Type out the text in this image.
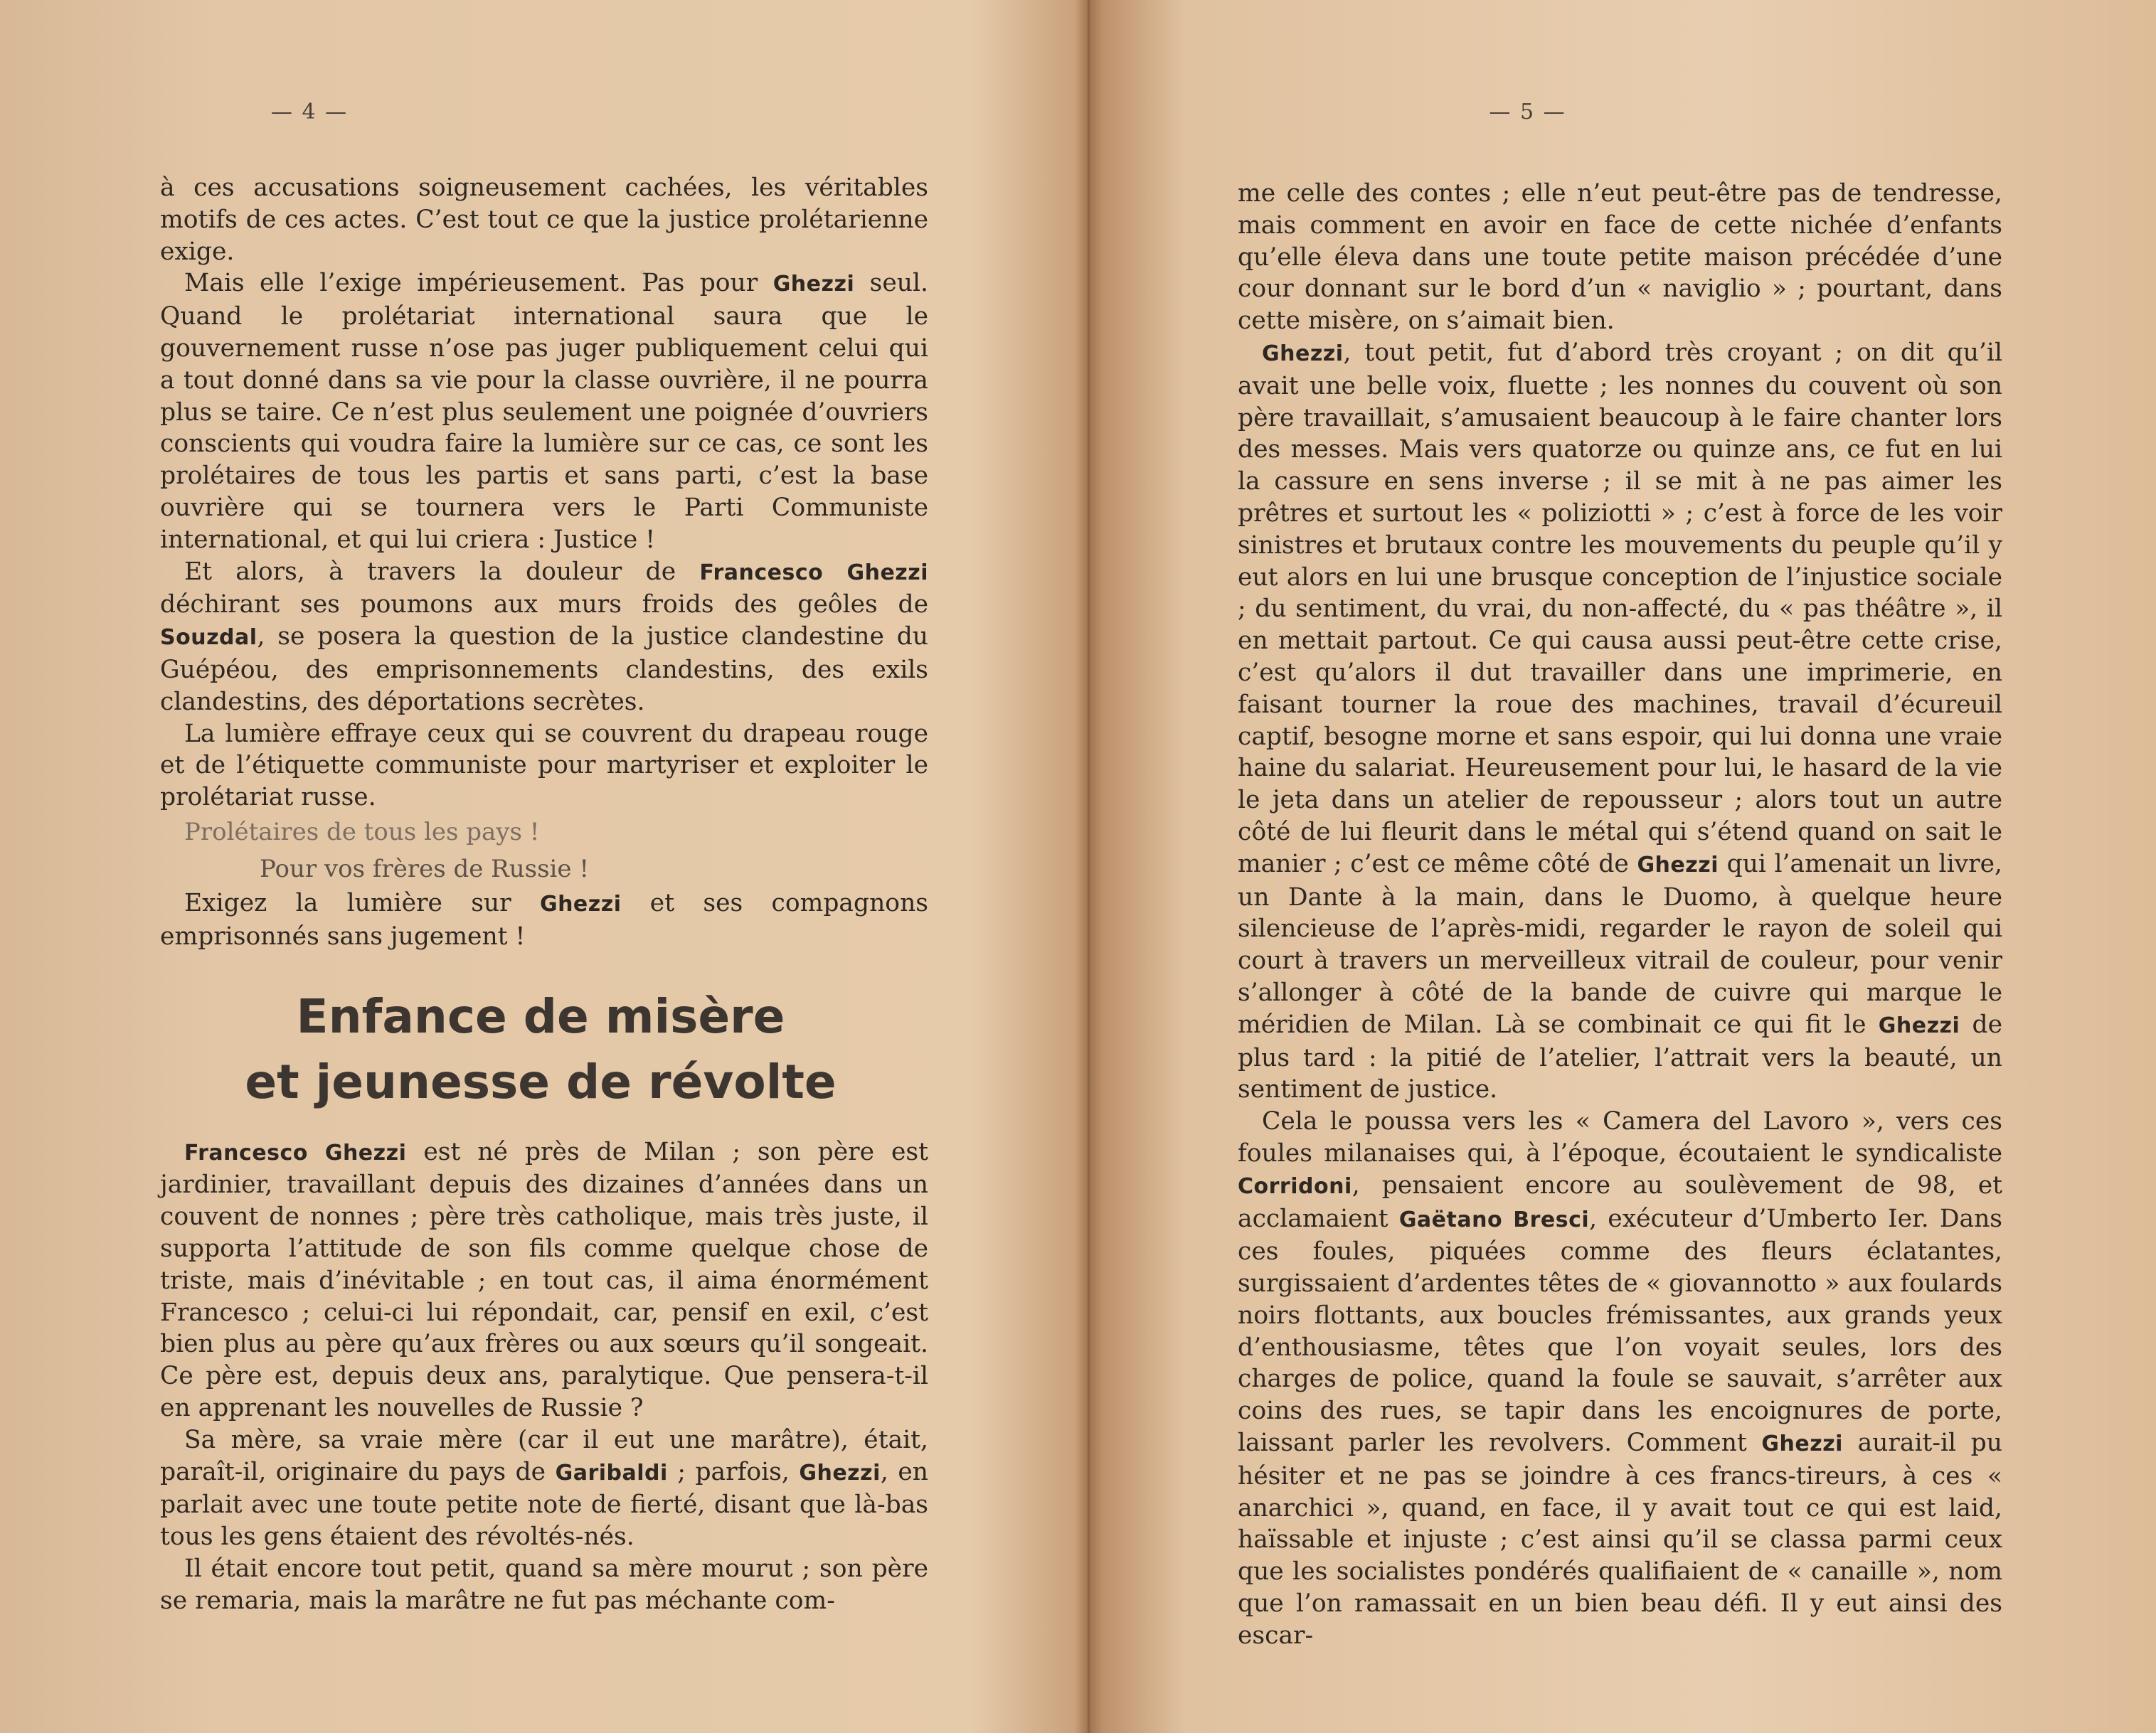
— 4 —

à ces accusations soigneusement cachées, les véritables motifs de ces actes. C’est tout ce que la justice prolétarienne exige.

Mais elle l’exige impérieusement. Pas pour Ghezzi seul. Quand le prolétariat international saura que le gouvernement russe n’ose pas juger publiquement celui qui a tout donné dans sa vie pour la classe ouvrière, il ne pourra plus se taire. Ce n’est plus seulement une poignée d’ouvriers conscients qui voudra faire la lumière sur ce cas, ce sont les prolétaires de tous les partis et sans parti, c’est la base ouvrière qui se tournera vers le Parti Communiste international, et qui lui criera : Justice !

Et alors, à travers la douleur de Francesco Ghezzi déchirant ses poumons aux murs froids des geôles de Souzdal, se posera la question de la justice clandestine du Guépéou, des emprisonnements clandestins, des exils clandestins, des déportations secrètes.

La lumière effraye ceux qui se couvrent du drapeau rouge et de l’étiquette communiste pour martyriser et exploiter le prolétariat russe.

Prolétaires de tous les pays !

Pour vos frères de Russie !

Exigez la lumière sur Ghezzi et ses compagnons emprisonnés sans jugement !

Enfance de misère
et jeunesse de révolte

Francesco Ghezzi est né près de Milan ; son père est jardinier, travaillant depuis des dizaines d’années dans un couvent de nonnes ; père très catholique, mais très juste, il supporta l’attitude de son fils comme quelque chose de triste, mais d’inévitable ; en tout cas, il aima énormément Francesco ; celui-ci lui répondait, car, pensif en exil, c’est bien plus au père qu’aux frères ou aux sœurs qu’il songeait. Ce père est, depuis deux ans, paralytique. Que pensera-t-il en apprenant les nouvelles de Russie ?

Sa mère, sa vraie mère (car il eut une marâtre), était, paraît-il, originaire du pays de Garibaldi ; parfois, Ghezzi, en parlait avec une toute petite note de fierté, disant que là-bas tous les gens étaient des révoltés-nés.

Il était encore tout petit, quand sa mère mourut ; son père se remaria, mais la marâtre ne fut pas méchante com-

— 5 —

me celle des contes ; elle n’eut peut-être pas de tendresse, mais comment en avoir en face de cette nichée d’enfants qu’elle éleva dans une toute petite maison précédée d’une cour donnant sur le bord d’un « naviglio » ; pourtant, dans cette misère, on s’aimait bien.

Ghezzi, tout petit, fut d’abord très croyant ; on dit qu’il avait une belle voix, fluette ; les nonnes du couvent où son père travaillait, s’amusaient beaucoup à le faire chanter lors des messes. Mais vers quatorze ou quinze ans, ce fut en lui la cassure en sens inverse ; il se mit à ne pas aimer les prêtres et surtout les « poliziotti » ; c’est à force de les voir sinistres et brutaux contre les mouvements du peuple qu’il y eut alors en lui une brusque conception de l’injustice sociale ; du sentiment, du vrai, du non-affecté, du « pas théâtre », il en mettait partout. Ce qui causa aussi peut-être cette crise, c’est qu’alors il dut travailler dans une imprimerie, en faisant tourner la roue des machines, travail d’écureuil captif, besogne morne et sans espoir, qui lui donna une vraie haine du salariat. Heureusement pour lui, le hasard de la vie le jeta dans un atelier de repousseur ; alors tout un autre côté de lui fleurit dans le métal qui s’étend quand on sait le manier ; c’est ce même côté de Ghezzi qui l’amenait un livre, un Dante à la main, dans le Duomo, à quelque heure silencieuse de l’après-midi, regarder le rayon de soleil qui court à travers un merveilleux vitrail de couleur, pour venir s’allonger à côté de la bande de cuivre qui marque le méridien de Milan. Là se combinait ce qui fit le Ghezzi de plus tard : la pitié de l’atelier, l’attrait vers la beauté, un sentiment de justice.

Cela le poussa vers les « Camera del Lavoro », vers ces foules milanaises qui, à l’époque, écoutaient le syndicaliste Corridoni, pensaient encore au soulèvement de 98, et acclamaient Gaëtano Bresci, exécuteur d’Umberto Ier. Dans ces foules, piquées comme des fleurs éclatantes, surgissaient d’ardentes têtes de « giovannotto » aux foulards noirs flottants, aux boucles frémissantes, aux grands yeux d’enthousiasme, têtes que l’on voyait seules, lors des charges de police, quand la foule se sauvait, s’arrêter aux coins des rues, se tapir dans les encoignures de porte, laissant parler les revolvers. Comment Ghezzi aurait-il pu hésiter et ne pas se joindre à ces francs-tireurs, à ces « anarchici », quand, en face, il y avait tout ce qui est laid, haïssable et injuste ; c’est ainsi qu’il se classa parmi ceux que les socialistes pondérés qualifiaient de « canaille », nom que l’on ramassait en un bien beau défi. Il y eut ainsi des escar-
